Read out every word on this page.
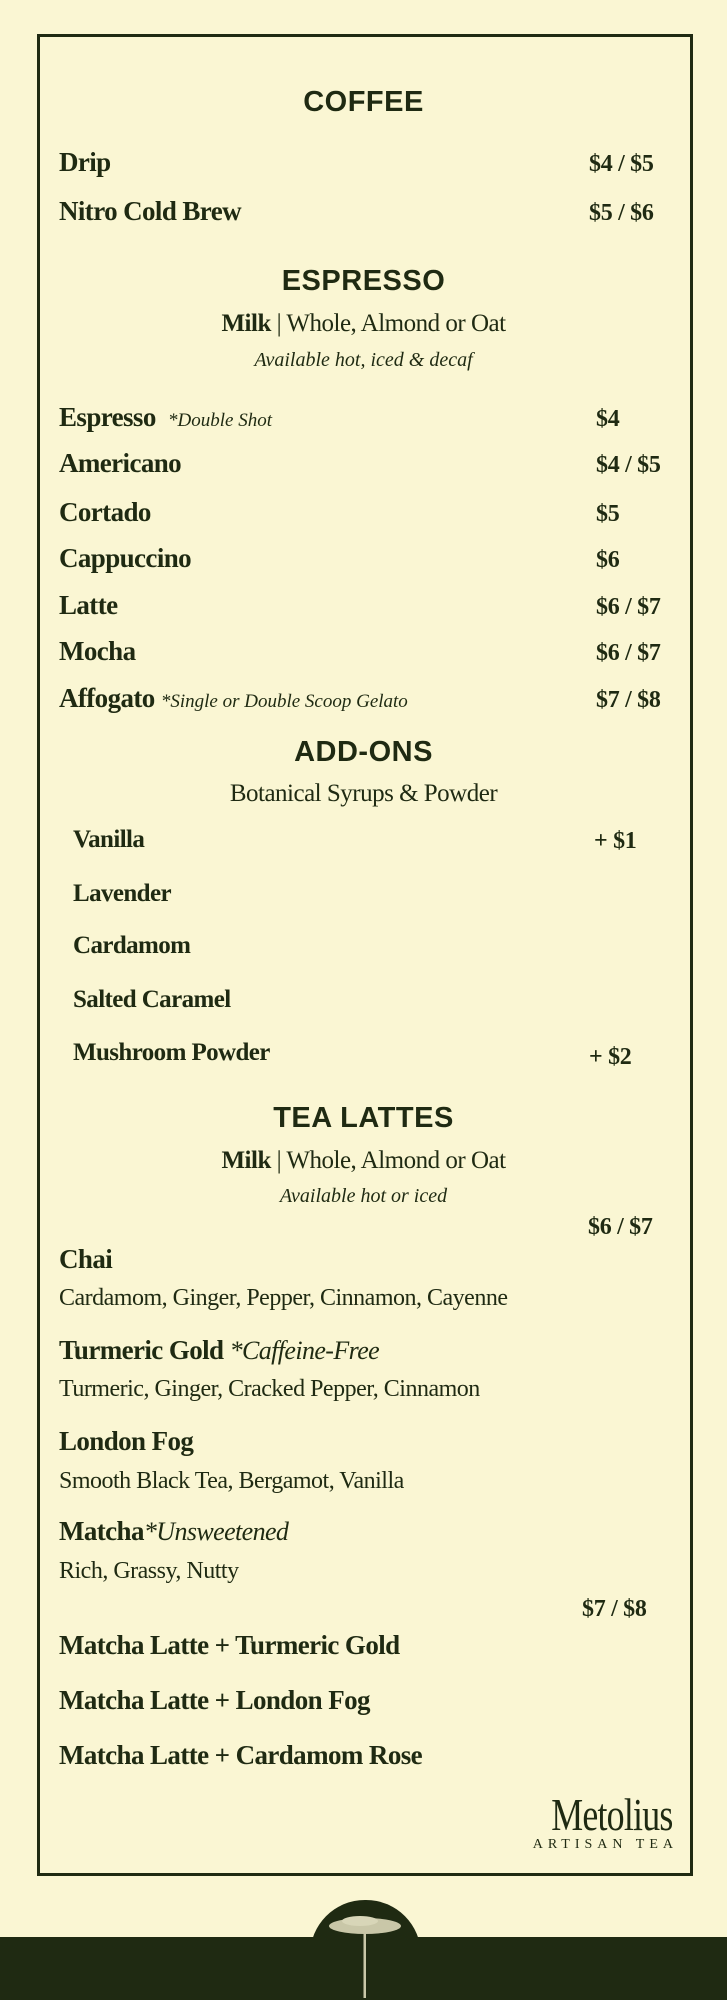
COFFEE
Drip	$4 / $5
Nitro Cold Brew	$5 / $6
ESPRESSO
Milk | Whole, Almond or Oat
Available hot, iced & decaf
Espresso *Double Shot	$4
Americano	$4 / $5
Cortado	$5
Cappuccino	$6
Latte	$6 / $7
Mocha	$6 / $7
Affogato *Single or Double Scoop Gelato	$7 / $8
ADD-ONS
Botanical Syrups & Powder
Vanilla	+ $1
Lavender
Cardamom
Salted Caramel
Mushroom Powder	+ $2
TEA LATTES
Milk | Whole, Almond or Oat
Available hot or iced
$6 / $7
Chai
Cardamom, Ginger, Pepper, Cinnamon, Cayenne
Turmeric Gold *Caffeine-Free
Turmeric, Ginger, Cracked Pepper, Cinnamon
London Fog
Smooth Black Tea, Bergamot, Vanilla
Matcha*Unsweetened
Rich, Grassy, Nutty
$7 / $8
Matcha Latte + Turmeric Gold
Matcha Latte + London Fog
Matcha Latte + Cardamom Rose
Metolius
ARTISAN TEA
